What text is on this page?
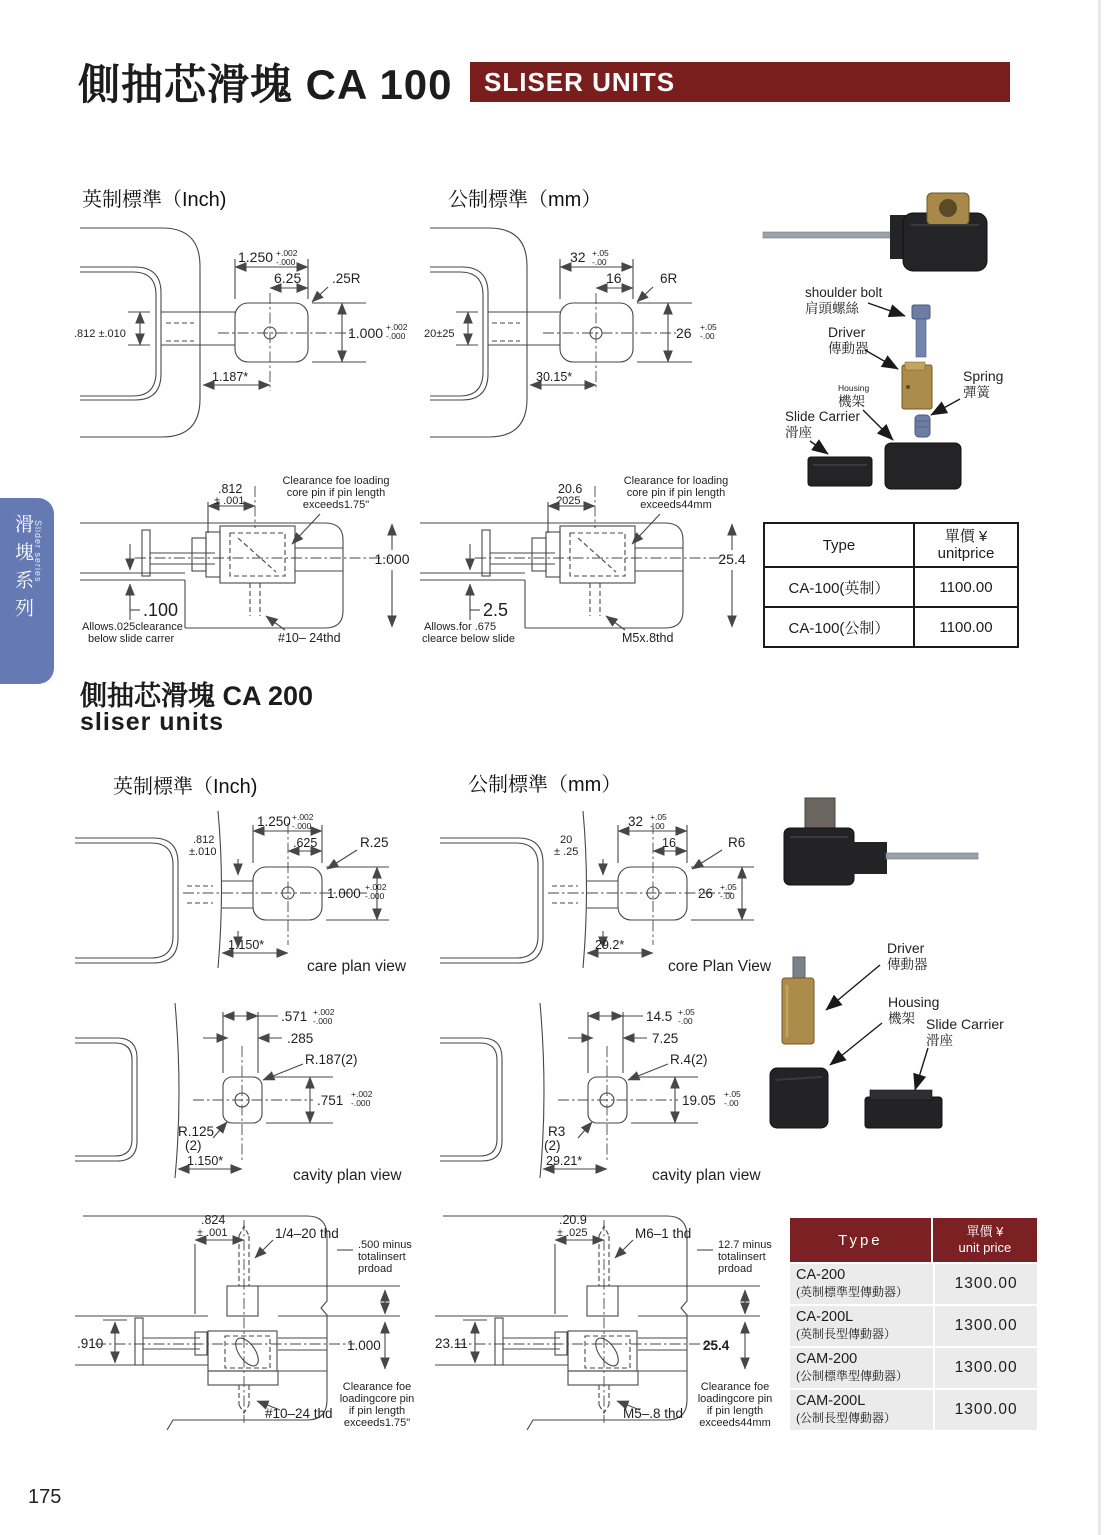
側抽芯滑塊 CA 100	SLISER UNITS
英制標準（Inch)	公制標準（mm）
1.250 +.002
-.000
6.25 .25R
.812 ±.010	1.000 +.002
-.000
1.187*
32 +.05
-.00
16	6R
20±25	26 +.05
-.00
30.15*
shoulder bolt
肩頭螺絲
Driver
傳動器
Housing
機架
Spring
彈簧
Slide Carrier
滑座
.812
± .001
Clearance foe loading
core pin if pin length
exceeds1.75"
1.000
.100
Allows.025clearance
below slide carrer	#10– 24thd
20.6
?025
Clearance for loading
core pin if pin length
exceeds44mm
25.4
2.5
Allows.for .675
clearce below slide	M5x.8thd
Type	單價 ¥
unitprice
CA-100(英制）	1100.00
CA-100(公制）	1100.00
滑塊系列 Slider series
側抽芯滑塊 CA 200
sliser units
英制標準（Inch)	公制標準（mm）
1.250 +.002
-.000
.812
±.010
.625	R.25
1.000 +.002
-.000
1.150*
care plan view
32 +.05
-.00
20
± .25
16	R6
26 +.05
-.00
29.2*
core Plan View
Driver
傳動器
Housing
機架 Slide Carrier
滑座
.571 +.002
-.000
.285
R.187(2)
.751 +.002
-.000
R.125
(2)
1.150*
cavity plan view
14.5 +.05
-.00
7.25
R.4(2)
19.05 +.05
-.00
R3
(2)
29.21*
cavity plan view
.824
± .001	1/4–20 thd
.500 minus
totalinsert
prdoad
.910	1.000
#10–24 thd
Clearance foe
loadingcore pin
if pin length
exceeds1.75"
.20.9
± .025	M6–1 thd
12.7 minus
totalinsert
prdoad
23.11	25.4
M5–.8 thd
Clearance foe
loadingcore pin
if pin length
exceeds44mm
Type	單價 ¥
unit price
CA-200
(英制標準型傳動器）	1300.00
CA-200L
(英制長型傳動器）	1300.00
CAM-200
(公制標準型傳動器）	1300.00
CAM-200L
(公制長型傳動器）	1300.00
175
